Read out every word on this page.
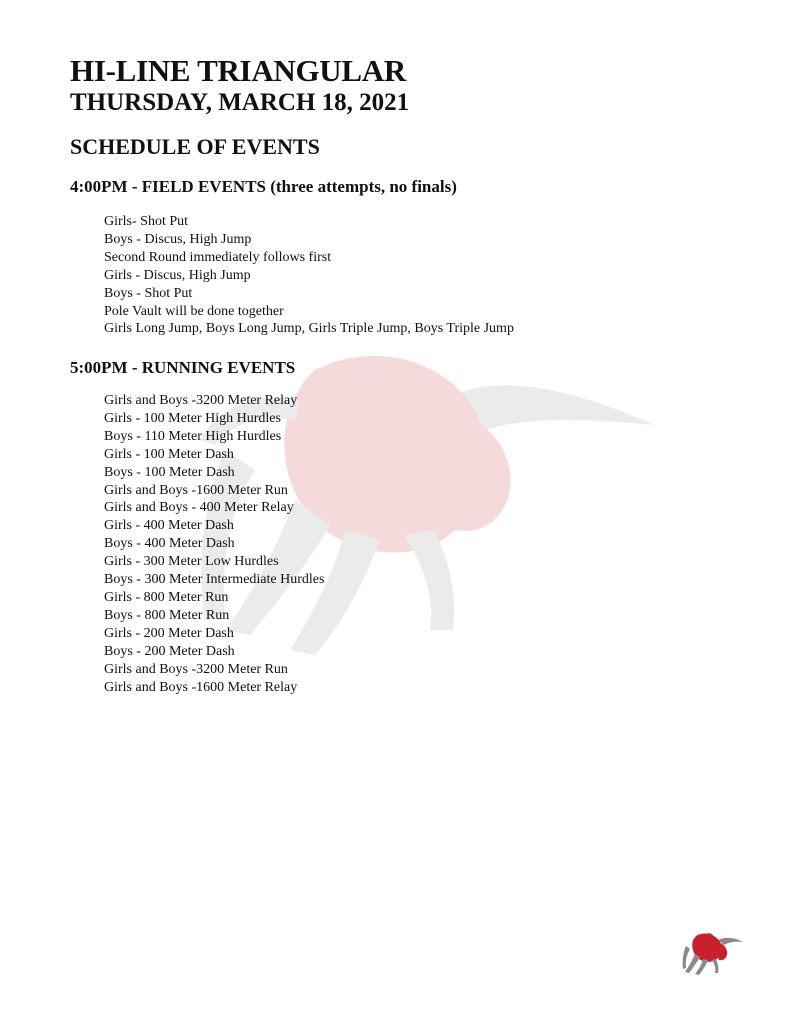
HI-LINE TRIANGULAR
THURSDAY, MARCH 18, 2021
SCHEDULE OF EVENTS
4:00PM - FIELD EVENTS (three attempts, no finals)
Girls- Shot Put
Boys - Discus, High Jump
Second Round immediately follows first
Girls - Discus, High Jump
Boys - Shot Put
Pole Vault will be done together
Girls Long Jump, Boys Long Jump, Girls Triple Jump, Boys Triple Jump
5:00PM - RUNNING EVENTS
Girls and Boys -3200 Meter Relay
Girls - 100 Meter High Hurdles
Boys - 110 Meter High Hurdles
Girls - 100 Meter Dash
Boys - 100 Meter Dash
Girls and Boys -1600 Meter Run
Girls and Boys - 400 Meter Relay
Girls - 400 Meter Dash
Boys - 400 Meter Dash
Girls - 300 Meter Low Hurdles
Boys - 300 Meter Intermediate Hurdles
Girls - 800 Meter Run
Boys - 800 Meter Run
Girls - 200 Meter Dash
Boys - 200 Meter Dash
Girls and Boys -3200 Meter Run
Girls and Boys -1600 Meter Relay
